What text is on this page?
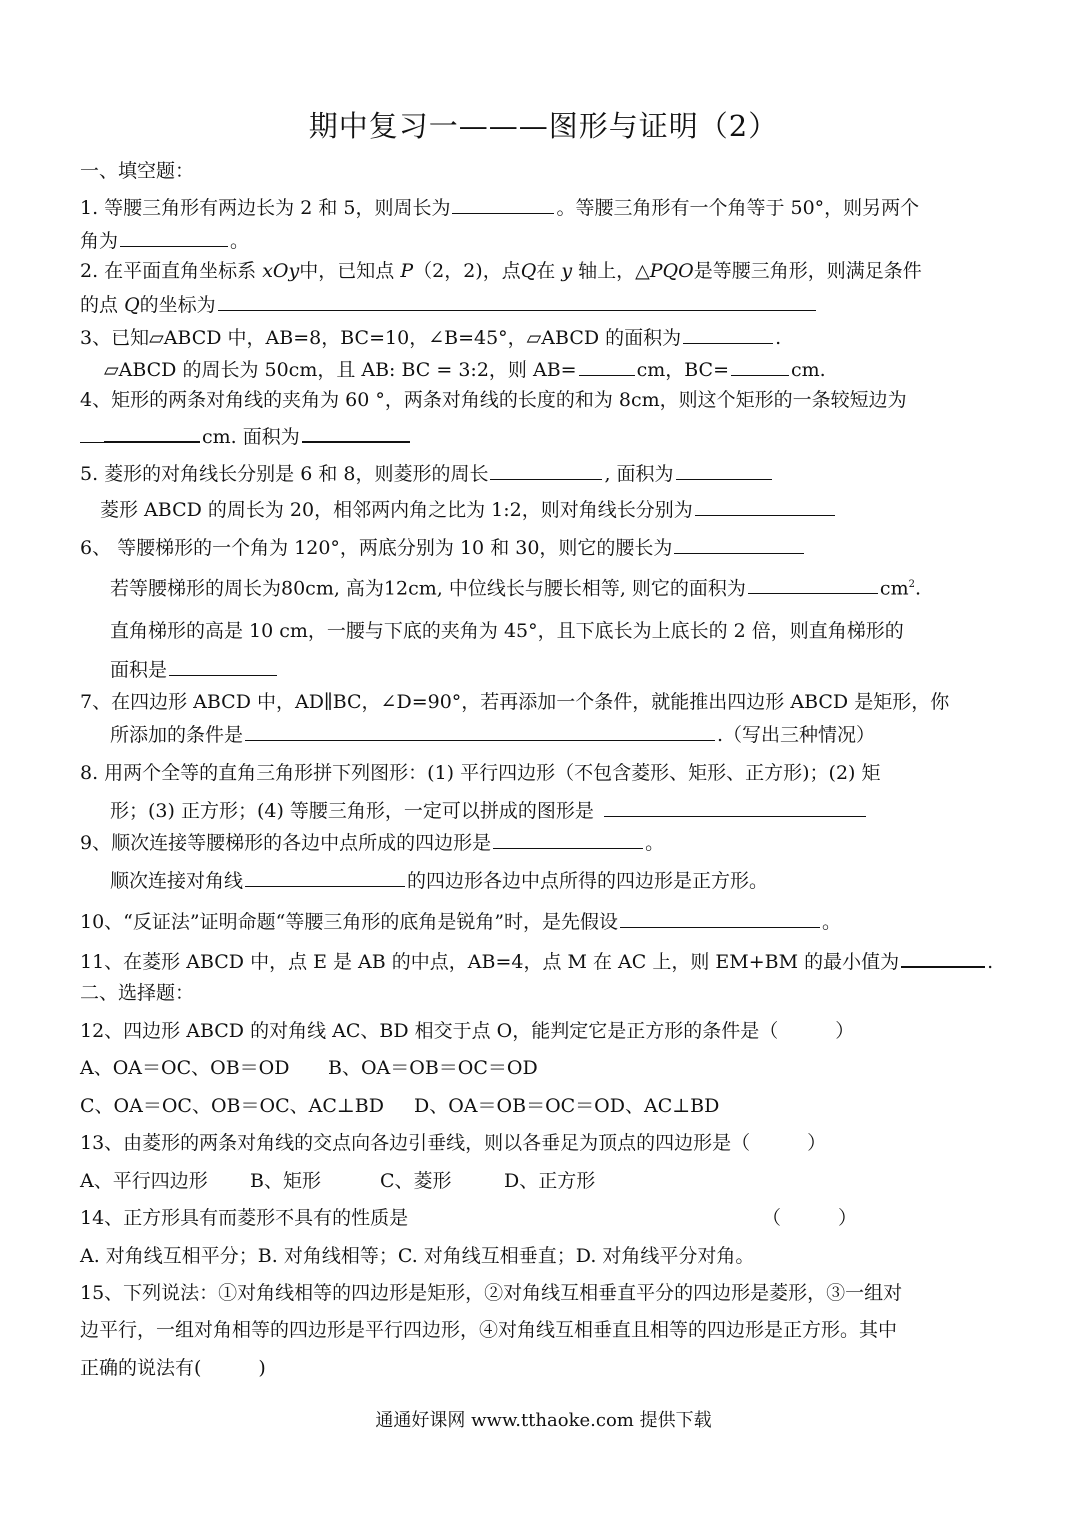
期中复习一———图形与证明（2）
一、填空题：
1. 等腰三角形有两边长为 2 和 5，则周长为	。等腰三角形有一个角等于 50°，则另两个
角为	。
2. 在平面直角坐标系 xOy中，已知点 P（2，2)，点Q在 y 轴上，△PQO是等腰三角形，则满足条件
的点 Q的坐标为
3、已知▱ABCD 中，AB=8，BC=10，∠B=45°，▱ABCD 的面积为	.
▱ABCD 的周长为 50cm，且 AB: BC = 3:2，则 AB=	cm，BC=	cm.
4、矩形的两条对角线的夹角为 60 °，两条对角线的长度的和为 8cm，则这个矩形的一条较短边为
cm. 面积为
5. 菱形的对角线长分别是 6 和 8，则菱形的周长	, 面积为
菱形 ABCD 的周长为 20，相邻两内角之比为 1:2，则对角线长分别为
6、 等腰梯形的一个角为 120°，两底分别为 10 和 30，则它的腰长为
若等腰梯形的周长为80cm, 高为12cm, 中位线长与腰长相等, 则它的面积为	$cm^2$.
直角梯形的高是 10 cm，一腰与下底的夹角为 45°，且下底长为上底长的 2 倍，则直角梯形的
面积是
7、在四边形 ABCD 中，AD∥BC，∠D=90°，若再添加一个条件，就能推出四边形 ABCD 是矩形，你
所添加的条件是	.（写出三种情况）
8. 用两个全等的直角三角形拼下列图形：(1) 平行四边形（不包含菱形、矩形、正方形)；(2) 矩
形；(3) 正方形；(4) 等腰三角形，一定可以拼成的图形是
9、顺次连接等腰梯形的各边中点所成的四边形是	。
顺次连接对角线	的四边形各边中点所得的四边形是正方形。
10、“反证法”证明命题“等腰三角形的底角是锐角”时，是先假设	。
11、在菱形 ABCD 中，点 E 是 AB 的中点，AB=4，点 M 在 AC 上，则 EM+BM 的最小值为	.
二、选择题：
12、四边形 ABCD 的对角线 AC、BD 相交于点 O，能判定它是正方形的条件是（　　　）
A、OA＝OC、OB＝OD B、OA＝OB＝OC＝OD
C、OA＝OC、OB＝OC、AC⊥BD D、OA＝OB＝OC＝OD、AC⊥BD
13、由菱形的两条对角线的交点向各边引垂线，则以各垂足为顶点的四边形是（　　　）
A、平行四边形 B、矩形	C、菱形	D、正方形
14、正方形具有而菱形不具有的性质是	（　　　）
A. 对角线互相平分；B. 对角线相等；C. 对角线互相垂直；D. 对角线平分对角。
15、下列说法：①对角线相等的四边形是矩形，②对角线互相垂直平分的四边形是菱形，③一组对
边平行，一组对角相等的四边形是平行四边形，④对角线互相垂直且相等的四边形是正方形。其中
正确的说法有(　　　)
通通好课网 www.tthaoke.com 提供下载
